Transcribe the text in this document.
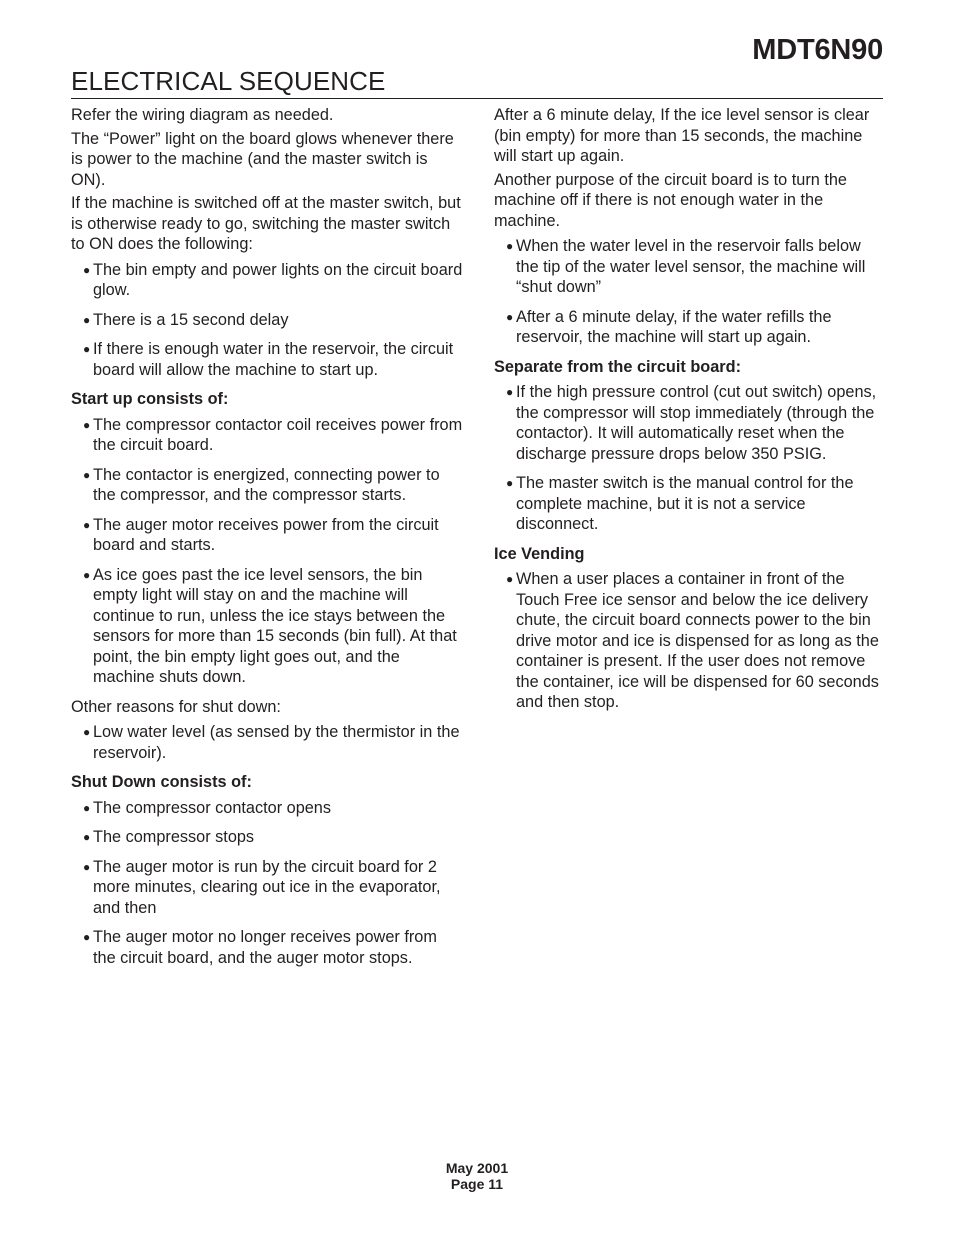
MDT6N90
ELECTRICAL SEQUENCE

Refer the wiring diagram as needed.

The “Power” light on the board glows whenever there is power to the machine (and the master switch is ON).

If the machine is switched off at the master switch, but is otherwise ready to go, switching the master switch to ON does the following:

● The bin empty and power lights on the circuit board glow.
● There is a 15 second delay
● If there is enough water in the reservoir, the circuit board will allow the machine to start up.

Start up consists of:

● The compressor contactor coil receives power from the circuit board.
● The contactor is energized, connecting power to the compressor, and the compressor starts.
● The auger motor receives power from the circuit board and starts.
● As ice goes past the ice level sensors, the bin empty light will stay on and the machine will continue to run, unless the ice stays between the sensors for more than 15 seconds (bin full). At that point, the bin empty light goes out, and the machine shuts down.

Other reasons for shut down:

● Low water level (as sensed by the thermistor in the reservoir).

Shut Down consists of:

● The compressor contactor opens
● The compressor stops
● The auger motor is run by the circuit board for 2 more minutes, clearing out ice in the evaporator, and then
● The auger motor no longer receives power from the circuit board, and the auger motor stops.

After a 6 minute delay, If the ice level sensor is clear (bin empty) for more than 15 seconds, the machine will start up again.

Another purpose of the circuit board is to turn the machine off if there is not enough water in the machine.

● When the water level in the reservoir falls below the tip of the water level sensor, the machine will “shut down”
● After a 6 minute delay, if the water refills the reservoir, the machine will start up again.

Separate from the circuit board:

● If the high pressure control (cut out switch) opens, the compressor will stop immediately (through the contactor). It will automatically reset when the discharge pressure drops below 350 PSIG.
● The master switch is the manual control for the complete machine, but it is not a service disconnect.

Ice Vending

● When a user places a container in front of the Touch Free ice sensor and below the ice delivery chute, the circuit board connects power to the bin drive motor and ice is dispensed for as long as the container is present. If the user does not remove the container, ice will be dispensed for 60 seconds and then stop.
May 2001
Page 11
